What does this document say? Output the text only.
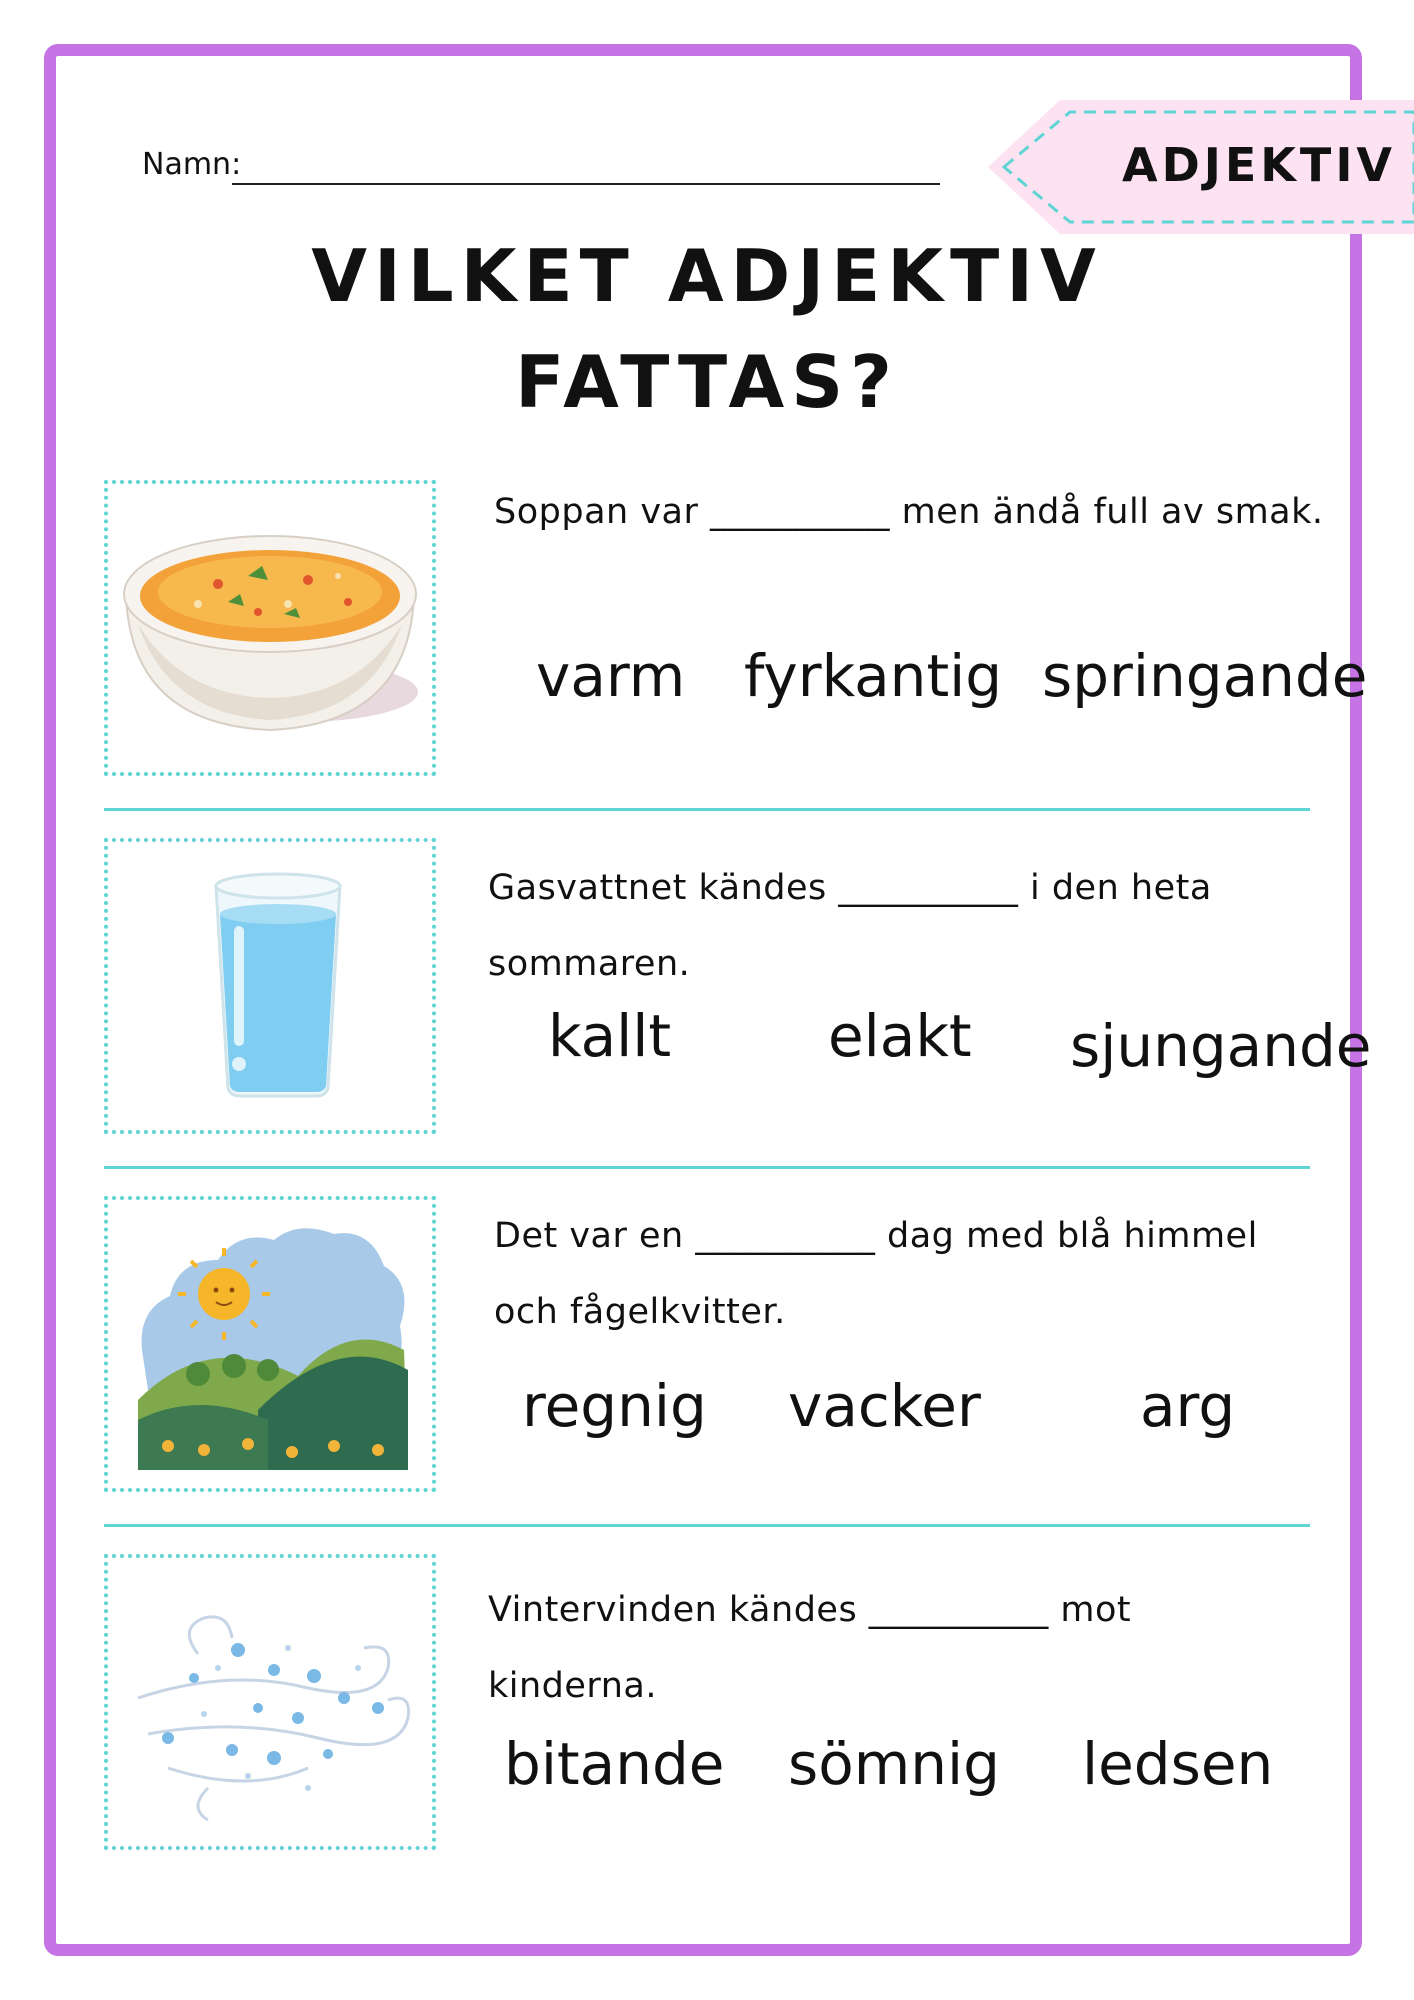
Namn:	ADJEKTIV
VILKET ADJEKTIV
FATTAS?
Soppan var __________ men ändå full av smak.
varm fyrkantig springande
Gasvattnet kändes __________ i den heta
sommaren.
kallt	elakt sjungande
Det var en __________ dag med blå himmel
och fågelkvitter.
regnig vacker	arg
Vintervinden kändes __________ mot
kinderna.
bitande sömnig ledsen
